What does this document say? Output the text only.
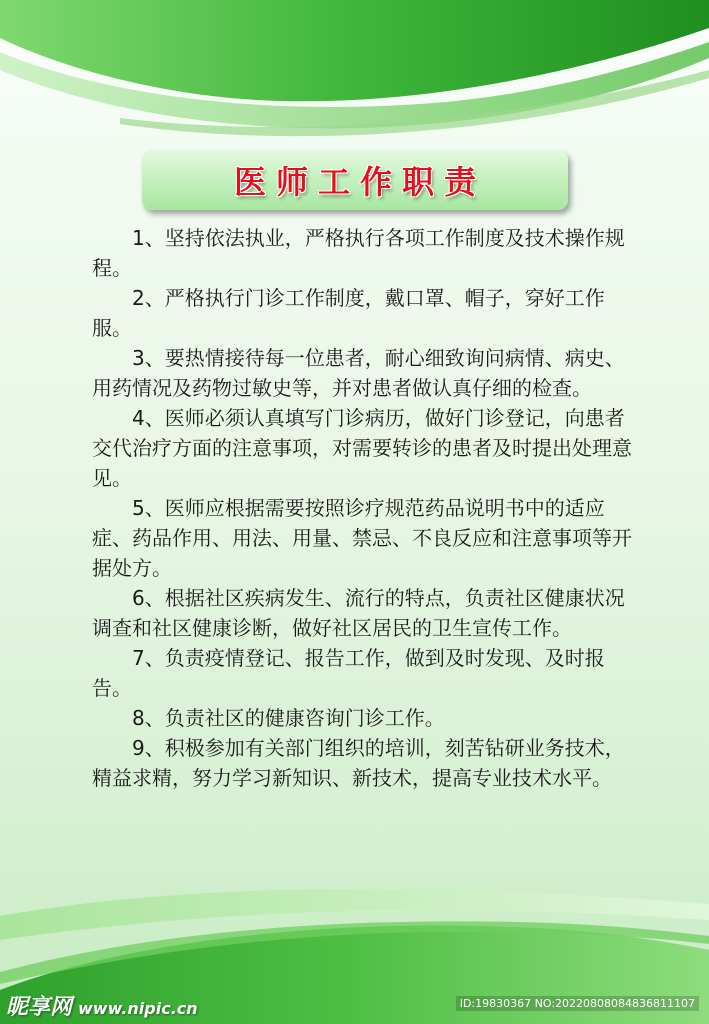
医师工作职责

1、坚持依法执业，严格执行各项工作制度及技术操作规程。

2、严格执行门诊工作制度，戴口罩、帽子，穿好工作服。

3、要热情接待每一位患者，耐心细致询问病情、病史、用药情况及药物过敏史等，并对患者做认真仔细的检查。

4、医师必须认真填写门诊病历，做好门诊登记，向患者交代治疗方面的注意事项，对需要转诊的患者及时提出处理意见。

5、医师应根据需要按照诊疗规范药品说明书中的适应症、药品作用、用法、用量、禁忌、不良反应和注意事项等开据处方。

6、根据社区疾病发生、流行的特点，负责社区健康状况调查和社区健康诊断，做好社区居民的卫生宣传工作。

7、负责疫情登记、报告工作，做到及时发现、及时报告。

8、负责社区的健康咨询门诊工作。

9、积极参加有关部门组织的培训，刻苦钻研业务技术，精益求精，努力学习新知识、新技术，提高专业技术水平。

昵享网 www.nipic.cn	ID:19830367 NO:20220808084836811107
